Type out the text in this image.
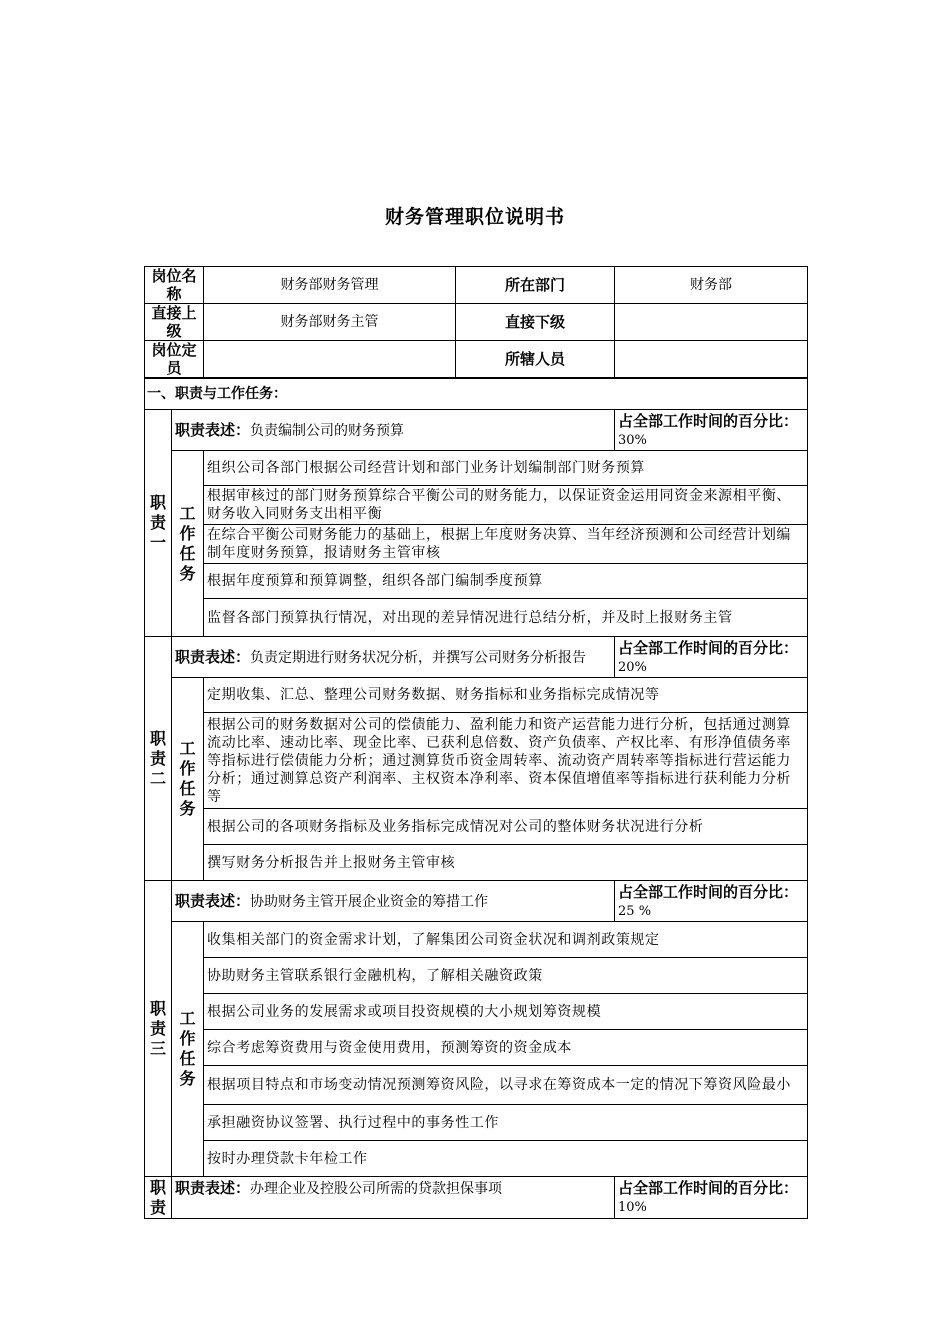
财务管理职位说明书
岗位名称		财务部财务管理	所在部门	财务部
直接上级		财务部财务主管	直接下级	
岗位定员			所辖人员	
一、职责与工作任务：				

职
责
一	职责表述：负责编制公司的财务预算			占全部工作时间的百分比：30%

	工
作
任
务	组织公司各部门根据公司经营计划和部门业务计划编制部门财务预算		
		根据审核过的部门财务预算综合平衡公司的财务能力，以保证资金运用同资金来源相平衡、财务收入同财务支出相平衡		
		在综合平衡公司财务能力的基础上，根据上年度财务决算、当年经济预测和公司经营计划编制年度财务预算，报请财务主管审核		
		根据年度预算和预算调整，组织各部门编制季度预算		
		监督各部门预算执行情况，对出现的差异情况进行总结分析，并及时上报财务主管		

职
责
二	职责表述：负责定期进行财务状况分析，并撰写公司财务分析报告			占全部工作时间的百分比：20%

	工
作
任
务	定期收集、汇总、整理公司财务数据、财务指标和业务指标完成情况等		
		根据公司的财务数据对公司的偿债能力、盈利能力和资产运营能力进行分析，包括通过测算流动比率、速动比率、现金比率、已获利息倍数、资产负债率、产权比率、有形净值债务率等指标进行偿债能力分析；通过测算货币资金周转率、流动资产周转率等指标进行营运能力分析；通过测算总资产利润率、主权资本净利率、资本保值增值率等指标进行获利能力分析等		
		根据公司的各项财务指标及业务指标完成情况对公司的整体财务状况进行分析		
		撰写财务分析报告并上报财务主管审核		

职
责
三	职责表述：协助财务主管开展企业资金的筹措工作			占全部工作时间的百分比：25 %

	工
作
任
务	收集相关部门的资金需求计划，了解集团公司资金状况和调剂政策规定		
		协助财务主管联系银行金融机构，了解相关融资政策		
		根据公司业务的发展需求或项目投资规模的大小规划筹资规模		
		综合考虑筹资费用与资金使用费用，预测筹资的资金成本		
		根据项目特点和市场变动情况预测筹资风险，以寻求在筹资成本一定的情况下筹资风险最小		
		承担融资协议签署、执行过程中的事务性工作		
		按时办理贷款卡年检工作		

职
责	职责表述：办理企业及控股公司所需的贷款担保事项			占全部工作时间的百分比：10%
